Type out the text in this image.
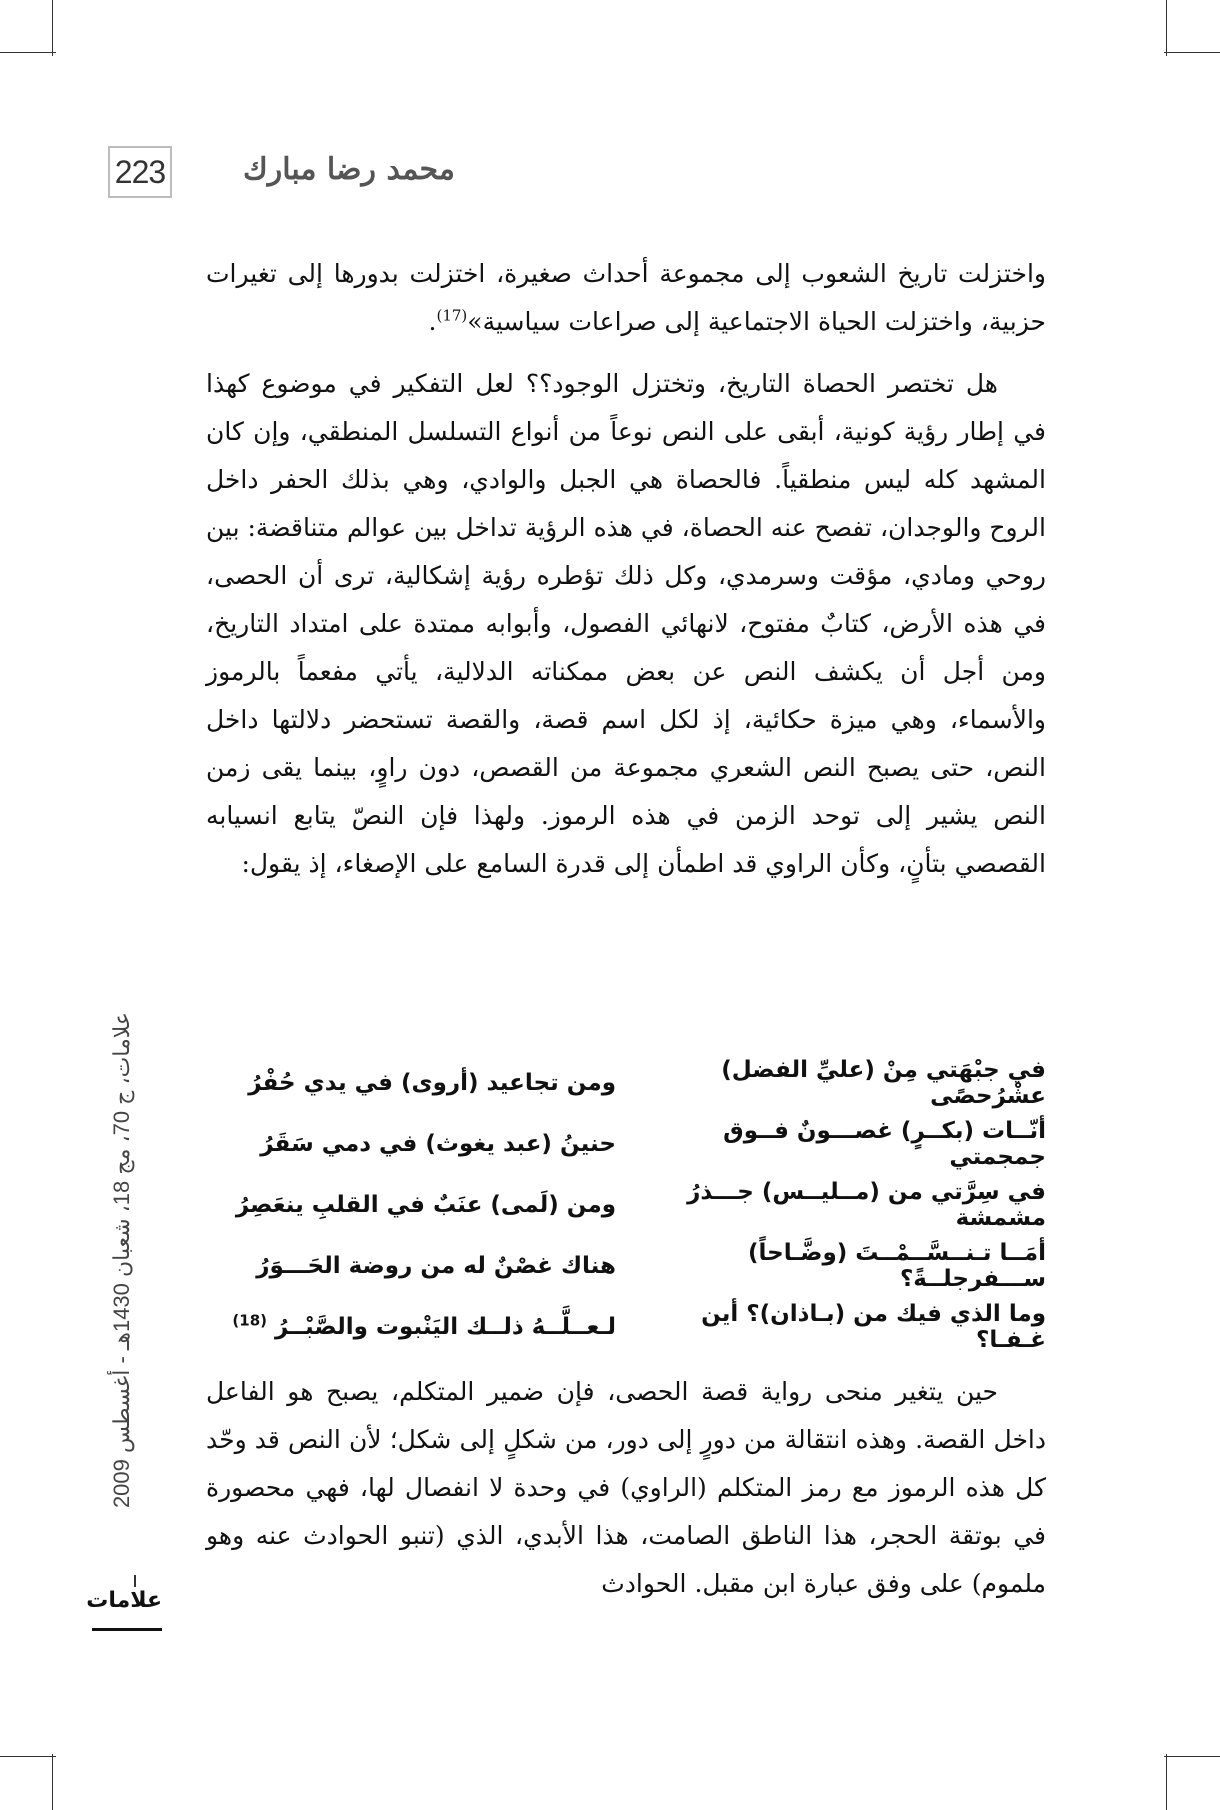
223	محمد رضا مبارك

واختزلت تاريخ الشعوب إلى مجموعة أحداث صغيرة، اختزلت بدورها إلى تغيرات حزبية، واختزلت الحياة الاجتماعية إلى صراعات سياسية»$^{(17)}$.

هل تختصر الحصاة التاريخ، وتختزل الوجود؟؟ لعل التفكير في موضوع كهذا في إطار رؤية كونية، أبقى على النص نوعاً من أنواع التسلسل المنطقي، وإن كان المشهد كله ليس منطقياً. فالحصاة هي الجبل والوادي، وهي بذلك الحفر داخل الروح والوجدان، تفصح عنه الحصاة، في هذه الرؤية تداخل بين عوالم متناقضة: بين روحي ومادي، مؤقت وسرمدي، وكل ذلك تؤطره رؤية إشكالية، ترى أن الحصى، في هذه الأرض، كتابٌ مفتوح، لانهائي الفصول، وأبوابه ممتدة على امتداد التاريخ، ومن أجل أن يكشف النص عن بعض ممكناته الدلالية، يأتي مفعماً بالرموز والأسماء، وهي ميزة حكائية، إذ لكل اسم قصة، والقصة تستحضر دلالتها داخل النص، حتى يصبح النص الشعري مجموعة من القصص، دون راوٍ، بينما يقى زمن النص يشير إلى توحد الزمن في هذه الرموز. ولهذا فإن النصّ يتابع انسيابه القصصي بتأنٍ، وكأن الراوي قد اطمأن إلى قدرة السامع على الإصغاء، إذ يقول:

في جبْهَتي مِنْ (عليِّ الفضل) عشْرُحصًى
ومن تجاعيد (أروى) في يدي حُفْرُ
أنّــات (بكــرٍ) غصـــونٌ فــوق جمجمتي
حنينُ (عبد يغوث) في دمي سَقَرُ
في سِرَّتي من (مــليــس) جـــذرُ مشمشة
ومن (لَمى) عنَبٌ في القلبِ ينعَصِرُ
أمَــا تـنــسَّــمْــتَ (وضَّـاحاً) ســـفرجلــةً؟
هناك غصْنٌ له من روضة الحَـــوَرُ
وما الذي فيك من (بـاذان)؟ أين غـفـا؟
لـعــلَّــهُ ذلــك اليَنْبوت والصَّبْــرُ $^{(18)}$

حين يتغير منحى رواية قصة الحصى، فإن ضمير المتكلم، يصبح هو الفاعل داخل القصة. وهذه انتقالة من دورٍ إلى دور، من شكلٍ إلى شكل؛ لأن النص قد وحّد كل هذه الرموز مع رمز المتكلم (الراوي) في وحدة لا انفصال لها، فهي محصورة في بوتقة الحجر، هذا الناطق الصامت، هذا الأبدي، الذي (تنبو الحوادث عنه وهو ملموم) على وفق عبارة ابن مقبل. الحوادث

علامات، ج 70، مج 18، شعبان 1430هـ - أغسطس 2009
علامات
